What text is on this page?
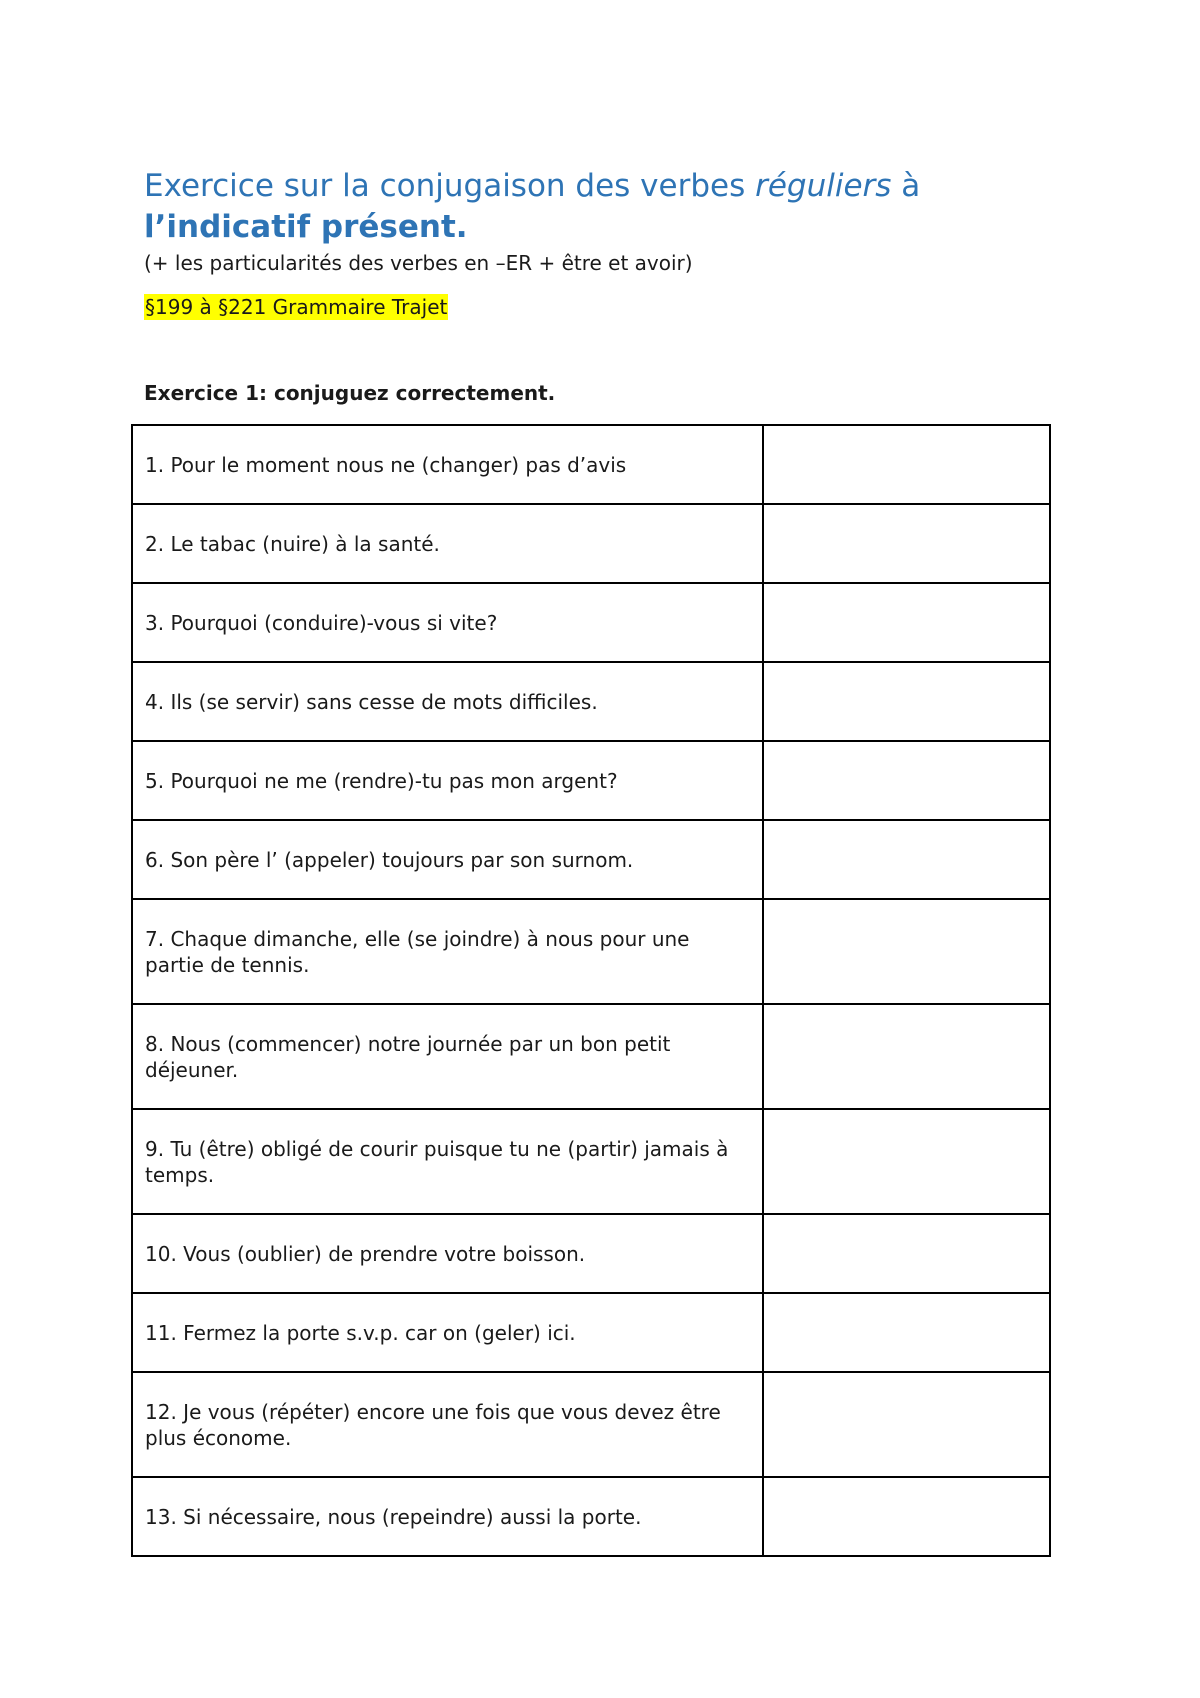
Exercice sur la conjugaison des verbes réguliers à
l’indicatif présent.
(+ les particularités des verbes en –ER + être et avoir)
§199 à §221 Grammaire Trajet
Exercice 1: conjuguez correctement.
1. Pour le moment nous ne (changer) pas d’avis	
2. Le tabac (nuire) à la santé.	
3. Pourquoi (conduire)-vous si vite?	
4. Ils (se servir) sans cesse de mots difficiles.	
5. Pourquoi ne me (rendre)-tu pas mon argent?	
6. Son père l’ (appeler) toujours par son surnom.	
7. Chaque dimanche, elle (se joindre) à nous pour une partie de tennis.	
8. Nous (commencer) notre journée par un bon petit déjeuner.	
9. Tu (être) obligé de courir puisque tu ne (partir) jamais à temps.	
10. Vous (oublier) de prendre votre boisson.	
11. Fermez la porte s.v.p. car on (geler) ici.	
12. Je vous (répéter) encore une fois que vous devez être plus économe.	
13. Si nécessaire, nous (repeindre) aussi la porte.	
